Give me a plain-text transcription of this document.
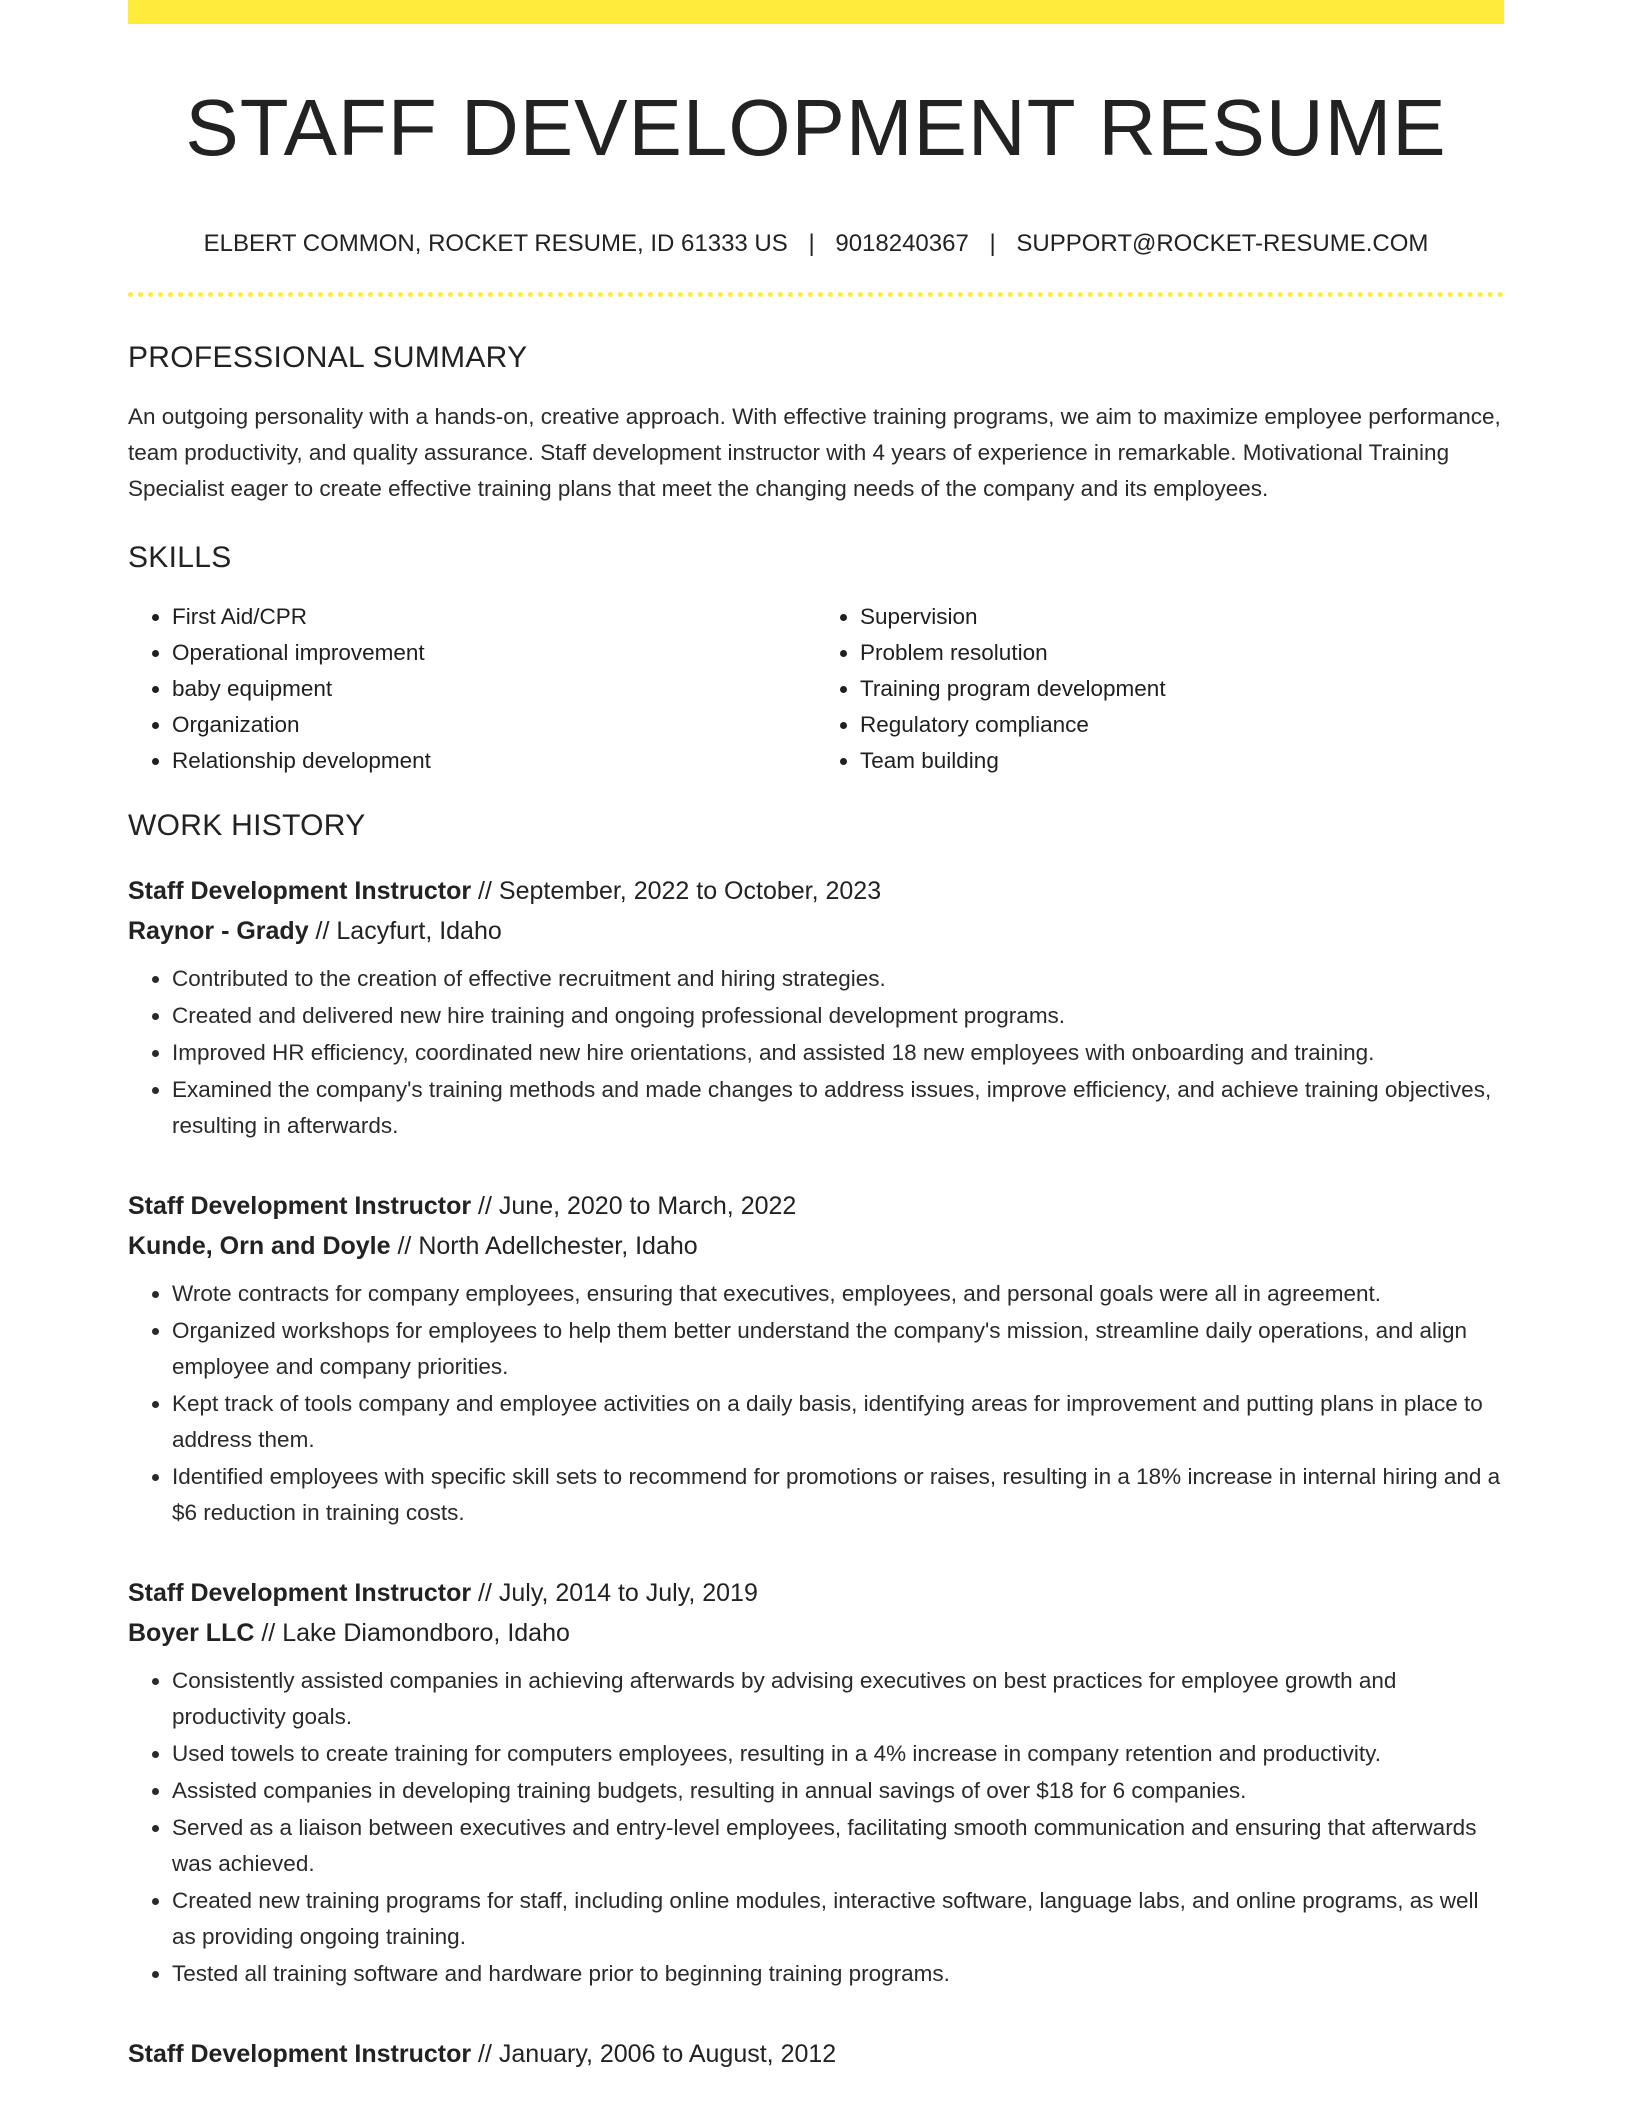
STAFF DEVELOPMENT RESUME
ELBERT COMMON, ROCKET RESUME, ID 61333 US | 9018240367 | SUPPORT@ROCKET-RESUME.COM
PROFESSIONAL SUMMARY

An outgoing personality with a hands-on, creative approach. With effective training programs, we aim to maximize employee performance, team productivity, and quality assurance. Staff development instructor with 4 years of experience in remarkable. Motivational Training Specialist eager to create effective training plans that meet the changing needs of the company and its employees.

SKILLS
• First Aid/CPR
• Operational improvement
• baby equipment
• Organization
• Relationship development
• Supervision
• Problem resolution
• Training program development
• Regulatory compliance
• Team building
WORK HISTORY
Staff Development Instructor // September, 2022 to October, 2023
Raynor - Grady // Lacyfurt, Idaho
• Contributed to the creation of effective recruitment and hiring strategies.
• Created and delivered new hire training and ongoing professional development programs.
• Improved HR efficiency, coordinated new hire orientations, and assisted 18 new employees with onboarding and training.
• Examined the company's training methods and made changes to address issues, improve efficiency, and achieve training objectives, resulting in afterwards.
Staff Development Instructor // June, 2020 to March, 2022
Kunde, Orn and Doyle // North Adellchester, Idaho
• Wrote contracts for company employees, ensuring that executives, employees, and personal goals were all in agreement.
• Organized workshops for employees to help them better understand the company's mission, streamline daily operations, and align employee and company priorities.
• Kept track of tools company and employee activities on a daily basis, identifying areas for improvement and putting plans in place to address them.
• Identified employees with specific skill sets to recommend for promotions or raises, resulting in a 18% increase in internal hiring and a $6 reduction in training costs.
Staff Development Instructor // July, 2014 to July, 2019
Boyer LLC // Lake Diamondboro, Idaho
• Consistently assisted companies in achieving afterwards by advising executives on best practices for employee growth and productivity goals.
• Used towels to create training for computers employees, resulting in a 4% increase in company retention and productivity.
• Assisted companies in developing training budgets, resulting in annual savings of over $18 for 6 companies.
• Served as a liaison between executives and entry-level employees, facilitating smooth communication and ensuring that afterwards was achieved.
• Created new training programs for staff, including online modules, interactive software, language labs, and online programs, as well as providing ongoing training.
• Tested all training software and hardware prior to beginning training programs.
Staff Development Instructor // January, 2006 to August, 2012
